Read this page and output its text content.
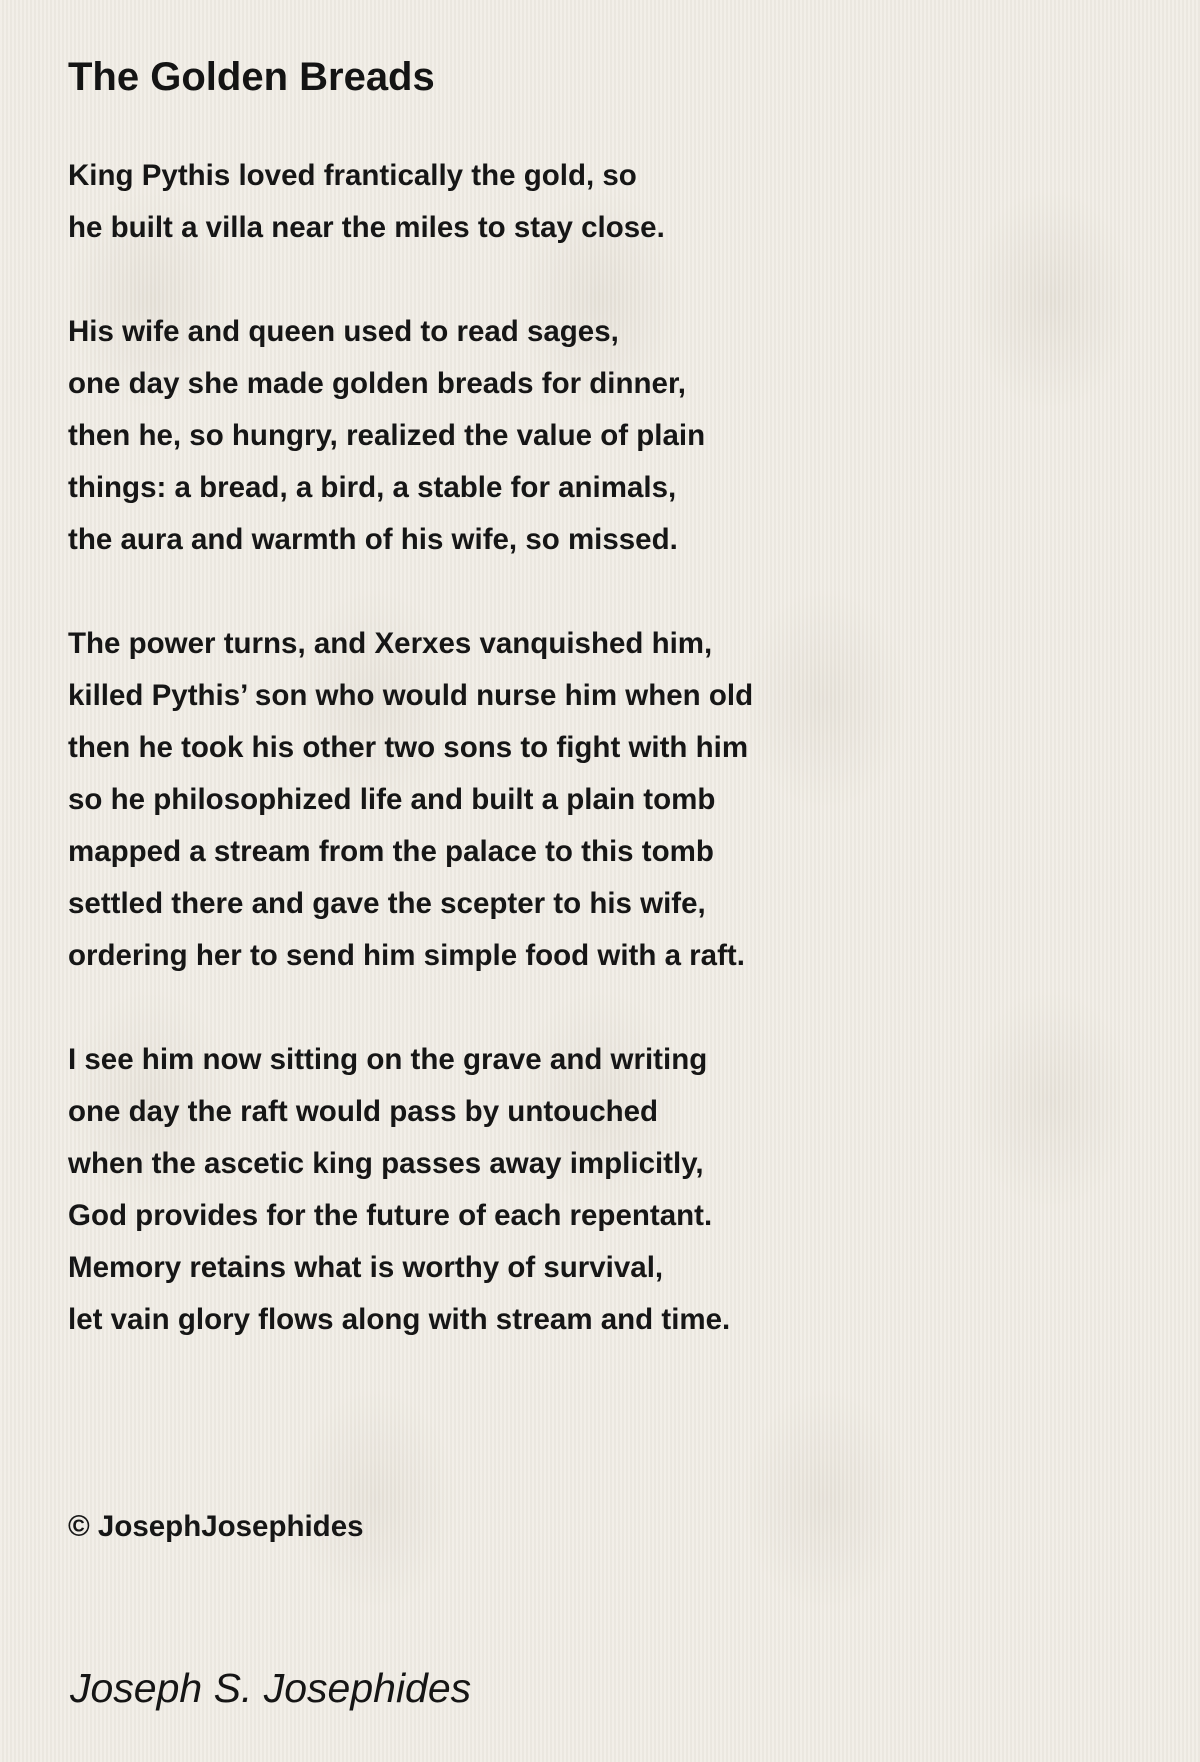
The Golden Breads
King Pythis loved frantically the gold, so
he built a villa near the miles to stay close.
His wife and queen used to read sages,
one day she made golden breads for dinner,
then he, so hungry, realized the value of plain
things: a bread, a bird, a stable for animals,
the aura and warmth of his wife, so missed.
The power turns, and Xerxes vanquished him,
killed Pythis’ son who would nurse him when old
then he took his other two sons to fight with him
so he philosophized life and built a plain tomb
mapped a stream from the palace to this tomb
settled there and gave the scepter to his wife,
ordering her to send him simple food with a raft.
I see him now sitting on the grave and writing
one day the raft would pass by untouched
when the ascetic king passes away implicitly,
God provides for the future of each repentant.
Memory retains what is worthy of survival,
let vain glory flows along with stream and time.
© JosephJosephides
Joseph S. Josephides
